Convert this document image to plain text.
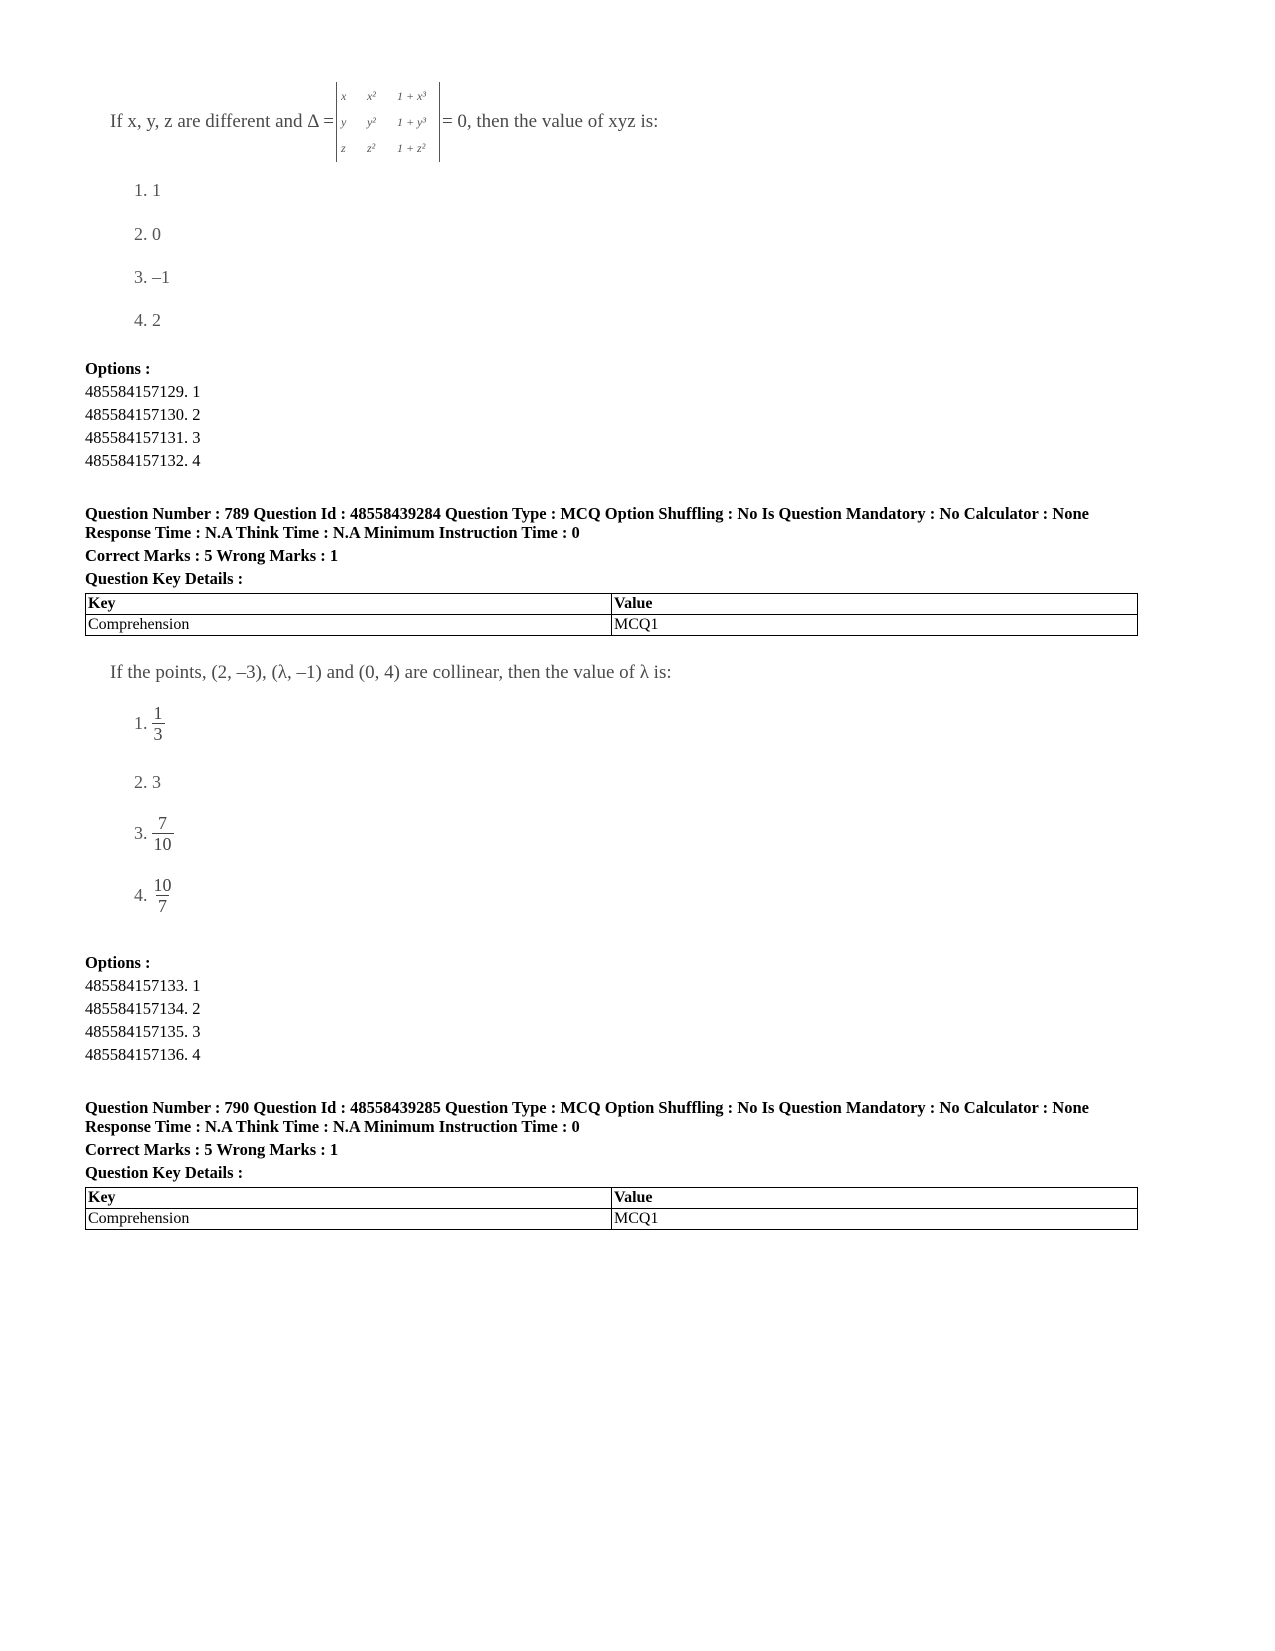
If x, y, z are different and Δ =
x	x²	1 + x³
y	y²	1 + y³
z	z²	1 + z²
= 0, then the value of xyz is:
1. 1
2. 0
3. –1
4. 2
Options :
485584157129. 1
485584157130. 2
485584157131. 3
485584157132. 4
Question Number : 789 Question Id : 48558439284 Question Type : MCQ Option Shuffling : No Is Question Mandatory : No Calculator : None
Response Time : N.A Think Time : N.A Minimum Instruction Time : 0
Correct Marks : 5 Wrong Marks : 1
Question Key Details :
Key	Value
Comprehension	MCQ1
If the points, (2, –3), (λ, –1) and (0, 4) are collinear, then the value of λ is:
1. $\frac{1}{3}$
2. 3
3. $\frac{7}{10}$
4. $\frac{10}{7}$
Options :
485584157133. 1
485584157134. 2
485584157135. 3
485584157136. 4
Question Number : 790 Question Id : 48558439285 Question Type : MCQ Option Shuffling : No Is Question Mandatory : No Calculator : None
Response Time : N.A Think Time : N.A Minimum Instruction Time : 0
Correct Marks : 5 Wrong Marks : 1
Question Key Details :
Key	Value
Comprehension	MCQ1
